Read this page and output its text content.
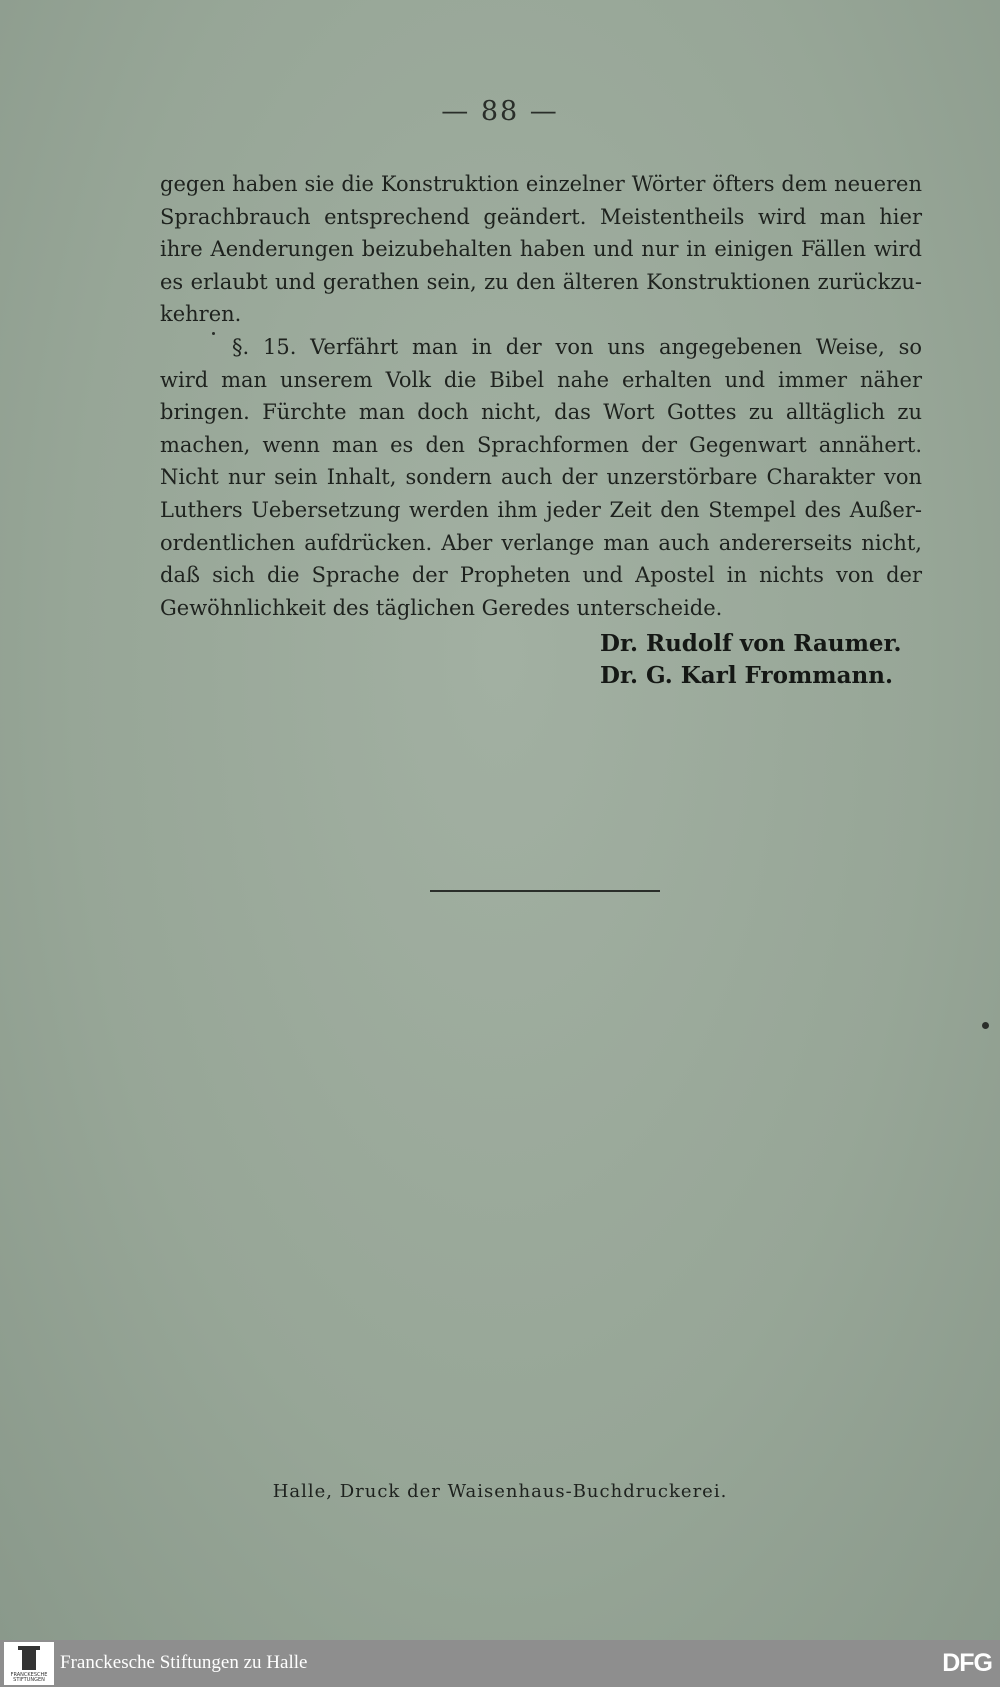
— 88 —
gegen haben sie die Konstruktion einzelner Wörter öfters dem neueren
Sprachbrauch entsprechend geändert. Meistentheils wird man hier
ihre Aenderungen beizubehalten haben und nur in einigen Fällen wird
es erlaubt und gerathen sein, zu den älteren Konstruktionen zurückzu-
kehren.
§. 15. Verfährt man in der von uns angegebenen Weise, so
wird man unserem Volk die Bibel nahe erhalten und immer näher
bringen. Fürchte man doch nicht, das Wort Gottes zu alltäglich zu
machen, wenn man es den Sprachformen der Gegenwart annähert.
Nicht nur sein Inhalt, sondern auch der unzerstörbare Charakter von
Luthers Uebersetzung werden ihm jeder Zeit den Stempel des Außer-
ordentlichen aufdrücken. Aber verlange man auch andererseits nicht,
daß sich die Sprache der Propheten und Apostel in nichts von der
Gewöhnlichkeit des täglichen Geredes unterscheide.
Dr. Rudolf von Raumer.
Dr. G. Karl Frommann.
Halle, Druck der Waisenhaus-Buchdruckerei.
FRANCKESCHE STIFTUNGEN
Franckesche Stiftungen zu Halle	DFG
